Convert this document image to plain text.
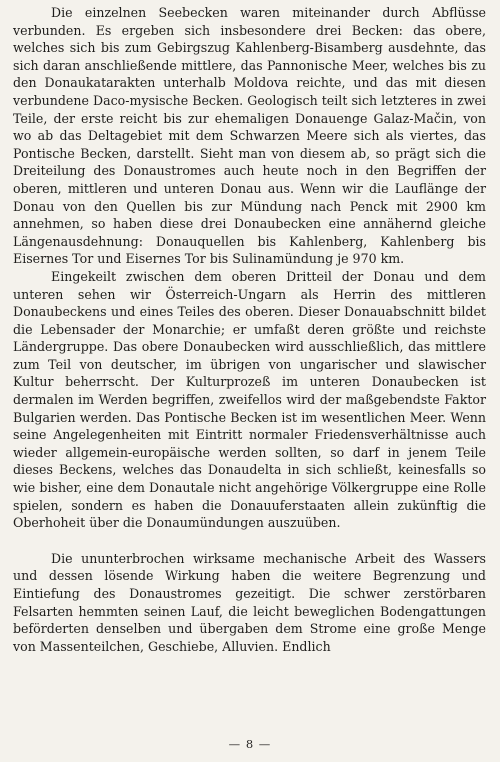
Die einzelnen Seebecken waren miteinander durch Abflüsse verbunden. Es ergeben sich insbesondere drei Becken: das obere, welches sich bis zum Gebirgszug Kahlenberg-Bisamberg ausdehnte, das sich daran anschließende mittlere, das Pannonische Meer, welches bis zu den Donaukatarakten unterhalb Moldova reichte, und das mit diesen verbundene Daco-mysische Becken. Geologisch teilt sich letzteres in zwei Teile, der erste reicht bis zur ehemaligen Donauenge Galaz-Mačin, von wo ab das Deltagebiet mit dem Schwarzen Meere sich als viertes, das Pontische Becken, darstellt. Sieht man von diesem ab, so prägt sich die Dreiteilung des Donaustromes auch heute noch in den Begriffen der oberen, mittleren und unteren Donau aus. Wenn wir die Lauflänge der Donau von den Quellen bis zur Mündung nach Penck mit 2900 km annehmen, so haben diese drei Donaubecken eine annähernd gleiche Längenausdehnung: Donauquellen bis Kahlenberg, Kahlenberg bis Eisernes Tor und Eisernes Tor bis Sulinamündung je 970 km.

Eingekeilt zwischen dem oberen Dritteil der Donau und dem unteren sehen wir Österreich-Ungarn als Herrin des mittleren Donaubeckens und eines Teiles des oberen. Dieser Donauabschnitt bildet die Lebensader der Monarchie; er umfaßt deren größte und reichste Ländergruppe. Das obere Donaubecken wird ausschließlich, das mittlere zum Teil von deutscher, im übrigen von ungarischer und slawischer Kultur beherrscht. Der Kulturprozeß im unteren Donaubecken ist dermalen im Werden begriffen, zweifellos wird der maßgebendste Faktor Bulgarien werden. Das Pontische Becken ist im wesentlichen Meer. Wenn seine Angelegenheiten mit Eintritt normaler Friedensverhältnisse auch wieder allgemein-europäische werden sollten, so darf in jenem Teile dieses Beckens, welches das Donaudelta in sich schließt, keinesfalls so wie bisher, eine dem Donautale nicht angehörige Völkergruppe eine Rolle spielen, sondern es haben die Donauuferstaaten allein zukünftig die Oberhoheit über die Donaumündungen auszuüben.

Die ununterbrochen wirksame mechanische Arbeit des Wassers und dessen lösende Wirkung haben die weitere Begrenzung und Eintiefung des Donaustromes gezeitigt. Die schwer zerstörbaren Felsarten hemmten seinen Lauf, die leicht beweglichen Bodengattungen beförderten denselben und übergaben dem Strome eine große Menge von Massenteilchen, Geschiebe, Alluvien. Endlich

— 8 —
